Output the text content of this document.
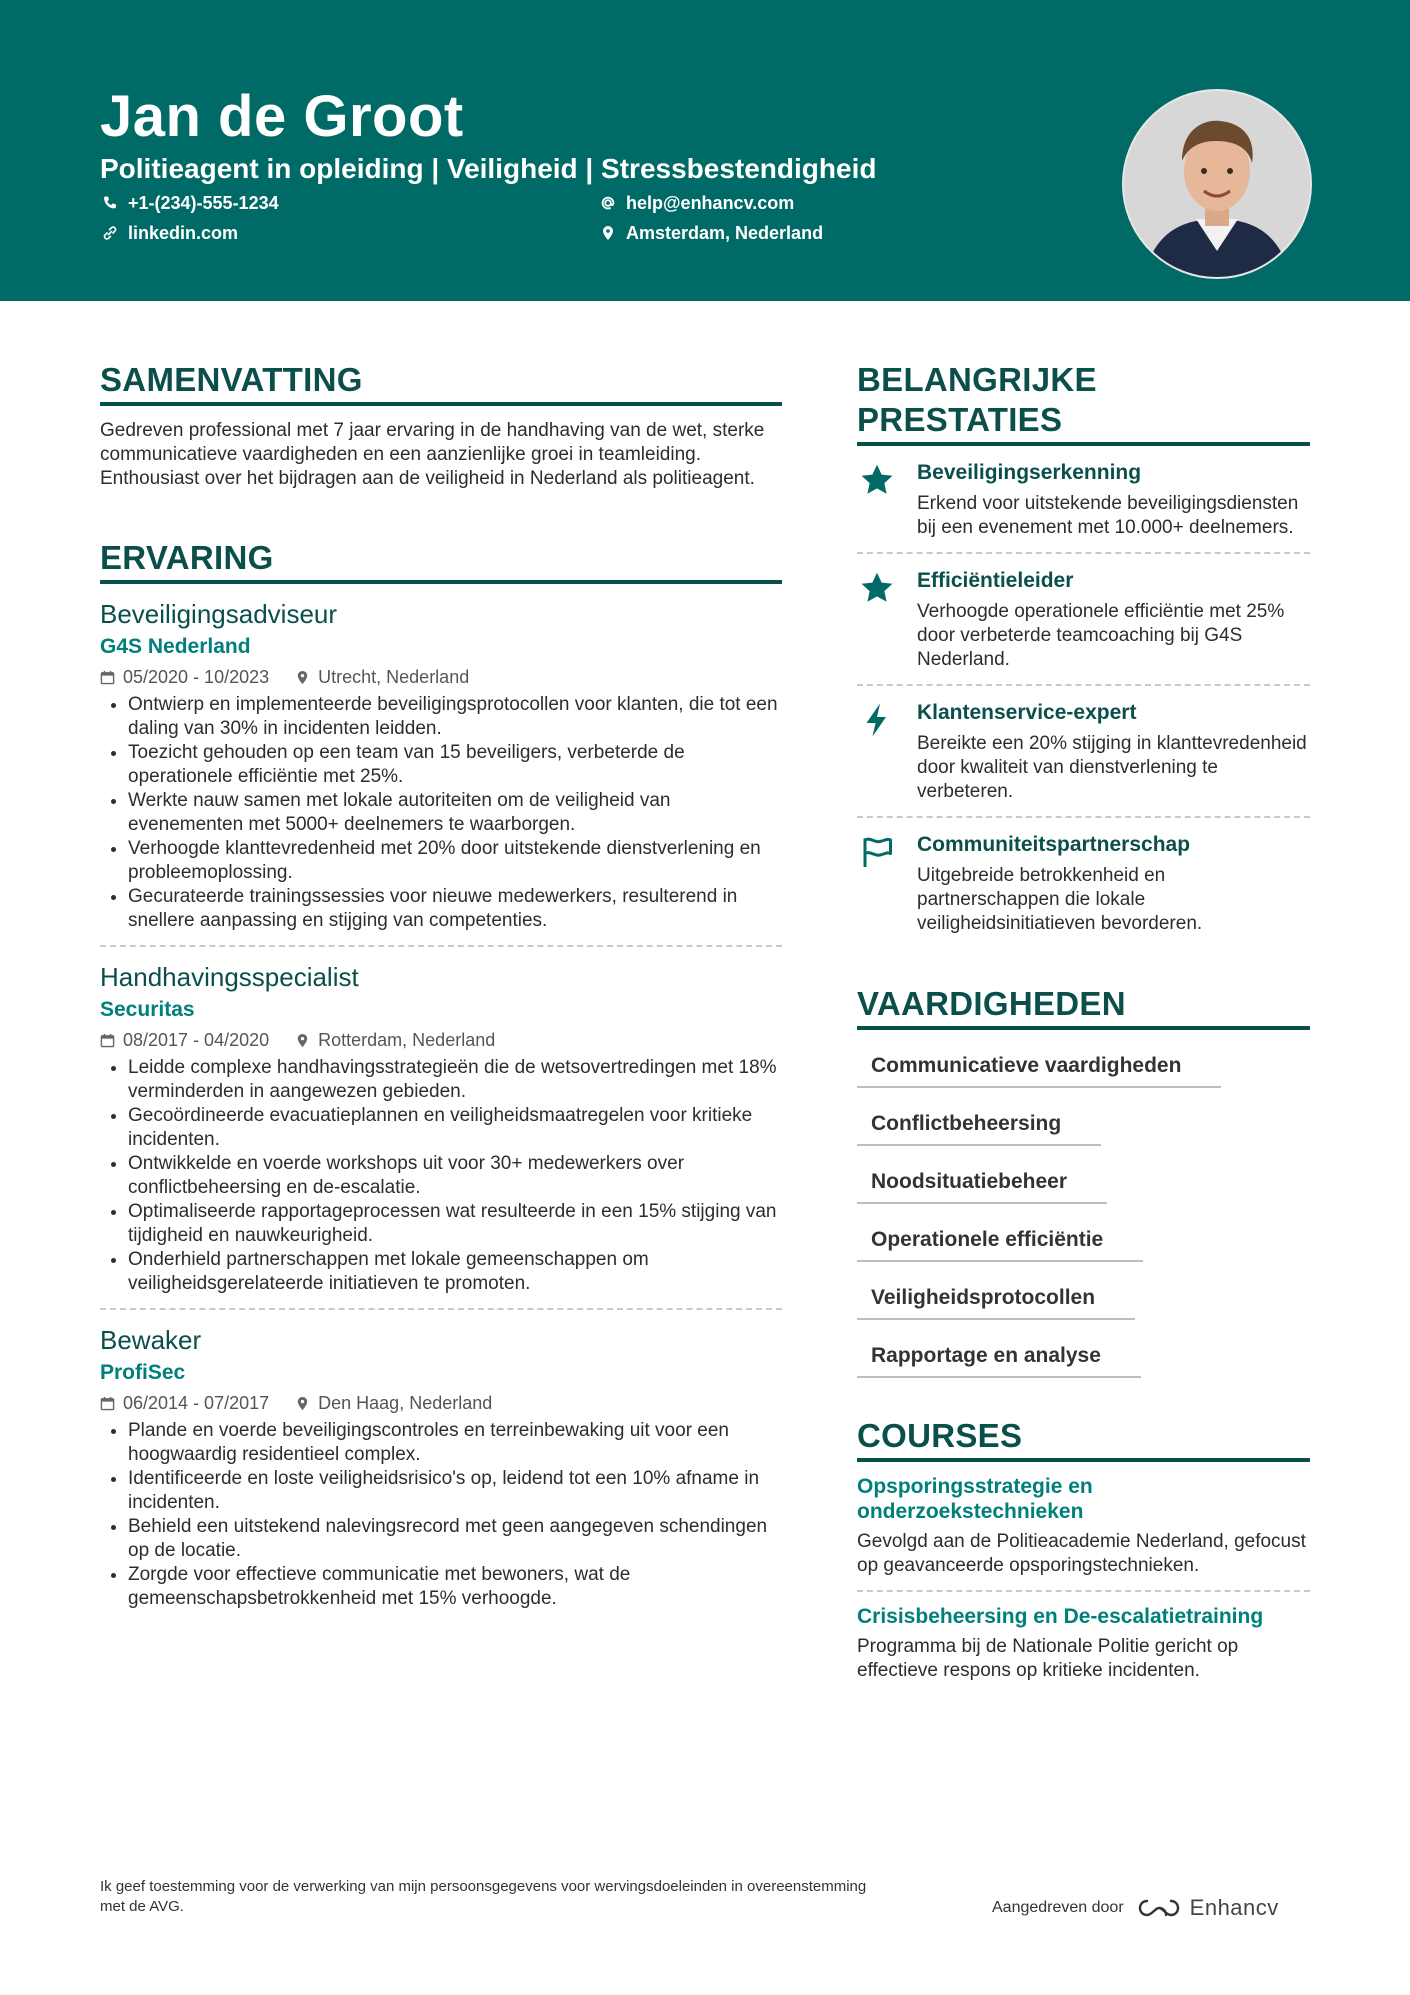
Jan de Groot
Politieagent in opleiding | Veiligheid | Stressbestendigheid
+1-(234)-555-1234	help@enhancv.com
linkedin.com	Amsterdam, Nederland
SAMENVATTING
Gedreven professional met 7 jaar ervaring in de handhaving van de wet, sterke communicatieve vaardigheden en een aanzienlijke groei in teamleiding. Enthousiast over het bijdragen aan de veiligheid in Nederland als politieagent.
ERVARING
Beveiligingsadviseur
G4S Nederland
05/2020 - 10/2023	Utrecht, Nederland
• Ontwierp en implementeerde beveiligingsprotocollen voor klanten, die tot een daling van 30% in incidenten leidden.
• Toezicht gehouden op een team van 15 beveiligers, verbeterde de operationele efficiëntie met 25%.
• Werkte nauw samen met lokale autoriteiten om de veiligheid van evenementen met 5000+ deelnemers te waarborgen.
• Verhoogde klanttevredenheid met 20% door uitstekende dienstverlening en probleemoplossing.
• Gecurateerde trainingssessies voor nieuwe medewerkers, resulterend in snellere aanpassing en stijging van competenties.
Handhavingsspecialist
Securitas
08/2017 - 04/2020	Rotterdam, Nederland
• Leidde complexe handhavingsstrategieën die de wetsovertredingen met 18% verminderden in aangewezen gebieden.
• Gecoördineerde evacuatieplannen en veiligheidsmaatregelen voor kritieke incidenten.
• Ontwikkelde en voerde workshops uit voor 30+ medewerkers over conflictbeheersing en de-escalatie.
• Optimaliseerde rapportageprocessen wat resulteerde in een 15% stijging van tijdigheid en nauwkeurigheid.
• Onderhield partnerschappen met lokale gemeenschappen om veiligheidsgerelateerde initiatieven te promoten.
Bewaker
ProfiSec
06/2014 - 07/2017	Den Haag, Nederland
• Plande en voerde beveiligingscontroles en terreinbewaking uit voor een hoogwaardig residentieel complex.
• Identificeerde en loste veiligheidsrisico's op, leidend tot een 10% afname in incidenten.
• Behield een uitstekend nalevingsrecord met geen aangegeven schendingen op de locatie.
• Zorgde voor effectieve communicatie met bewoners, wat de gemeenschapsbetrokkenheid met 15% verhoogde.
BELANGRIJKE PRESTATIES
Beveiligingserkenning
Erkend voor uitstekende beveiligingsdiensten bij een evenement met 10.000+ deelnemers.
Efficiëntieleider
Verhoogde operationele efficiëntie met 25% door verbeterde teamcoaching bij G4S Nederland.
Klantenservice-expert
Bereikte een 20% stijging in klanttevredenheid door kwaliteit van dienstverlening te verbeteren.
Communiteitspartnerschap
Uitgebreide betrokkenheid en partnerschappen die lokale veiligheidsinitiatieven bevorderen.
VAARDIGHEDEN
Communicatieve vaardigheden
Conflictbeheersing
Noodsituatiebeheer
Operationele efficiëntie
Veiligheidsprotocollen
Rapportage en analyse
COURSES
Opsporingsstrategie en onderzoekstechnieken
Gevolgd aan de Politieacademie Nederland, gefocust op geavanceerde opsporingstechnieken.
Crisisbeheersing en De-escalatietraining
Programma bij de Nationale Politie gericht op effectieve respons op kritieke incidenten.
Ik geef toestemming voor de verwerking van mijn persoonsgegevens voor wervingsdoeleinden in overeenstemming met de AVG.	Aangedreven door	Enhancv
